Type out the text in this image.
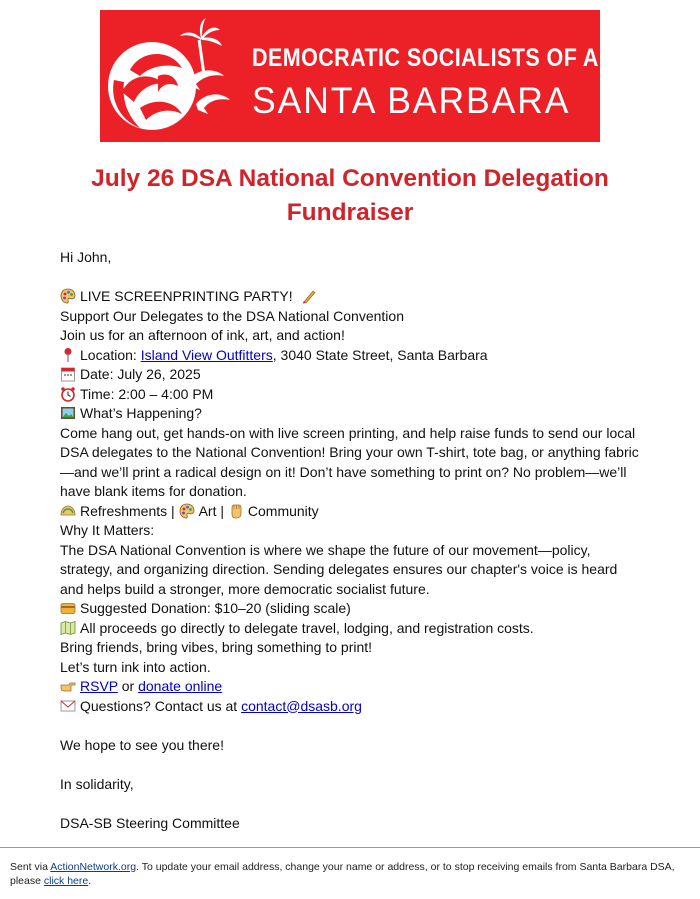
DEMOCRATIC SOCIALISTS OF AMERICA
SANTA BARBARA
July 26 DSA National Convention Delegation Fundraiser

Hi John,

LIVE SCREENPRINTING PARTY!

Support Our Delegates to the DSA National Convention

Join us for an afternoon of ink, art, and action!

Location: Island View Outfitters, 3040 State Street, Santa Barbara

Date: July 26, 2025

Time: 2:00 – 4:00 PM

What’s Happening?

Come hang out, get hands-on with live screen printing, and help raise funds to send our local DSA delegates to the National Convention! Bring your own T-shirt, tote bag, or anything fabric—and we’ll print a radical design on it! Don’t have something to print on? No problem—we’ll have blank items for donation.

Refreshments | Art | Community

Why It Matters:

The DSA National Convention is where we shape the future of our movement—policy, strategy, and organizing direction. Sending delegates ensures our chapter's voice is heard and helps build a stronger, more democratic socialist future.

Suggested Donation: $10–20 (sliding scale)

All proceeds go directly to delegate travel, lodging, and registration costs.

Bring friends, bring vibes, bring something to print!

Let’s turn ink into action.

RSVP or donate online

Questions? Contact us at contact@dsasb.org

We hope to see you there!

In solidarity,

DSA-SB Steering Committee

Sent via ActionNetwork.org. To update your email address, change your name or address, or to stop receiving emails from Santa Barbara DSA, please click here.
